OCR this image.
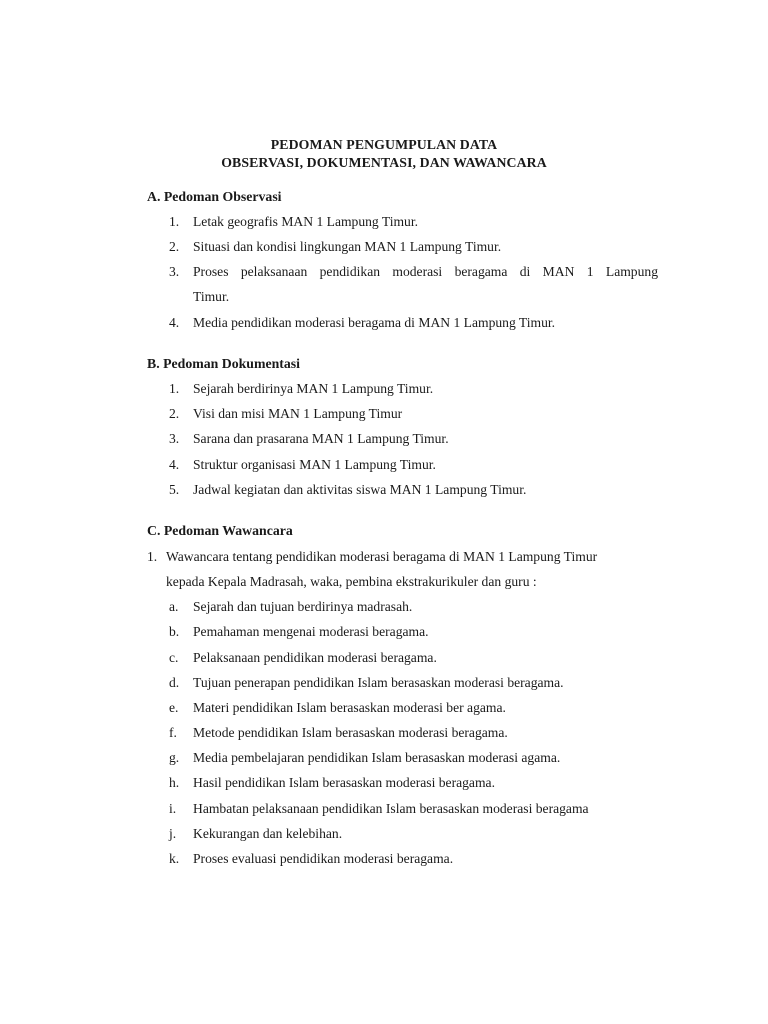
PEDOMAN PENGUMPULAN DATA
OBSERVASI, DOKUMENTASI, DAN WAWANCARA
A. Pedoman Observasi
1. Letak geografis MAN 1 Lampung Timur.
2. Situasi dan kondisi lingkungan MAN 1 Lampung Timur.
3. Proses pelaksanaan pendidikan moderasi beragama di MAN 1 Lampung
Timur.
4. Media pendidikan moderasi beragama di MAN 1 Lampung Timur.
B. Pedoman Dokumentasi
1. Sejarah berdirinya MAN 1 Lampung Timur.
2. Visi dan misi MAN 1 Lampung Timur
3. Sarana dan prasarana MAN 1 Lampung Timur.
4. Struktur organisasi MAN 1 Lampung Timur.
5. Jadwal kegiatan dan aktivitas siswa MAN 1 Lampung Timur.
C. Pedoman Wawancara
1. Wawancara tentang pendidikan moderasi beragama di MAN 1 Lampung Timur
kepada Kepala Madrasah, waka, pembina ekstrakurikuler dan guru :
a.	Sejarah dan tujuan berdirinya madrasah.
b. Pemahaman mengenai moderasi beragama.
c.	Pelaksanaan pendidikan moderasi beragama.
d. Tujuan penerapan pendidikan Islam berasaskan moderasi beragama.
e.	Materi pendidikan Islam berasaskan moderasi ber agama.
f.	Metode pendidikan Islam berasaskan moderasi beragama.
g. Media pembelajaran pendidikan Islam berasaskan moderasi agama.
h. Hasil pendidikan Islam berasaskan moderasi beragama.
i.	Hambatan pelaksanaan pendidikan Islam berasaskan moderasi beragama
j.	Kekurangan dan kelebihan.
k. Proses evaluasi pendidikan moderasi beragama.
